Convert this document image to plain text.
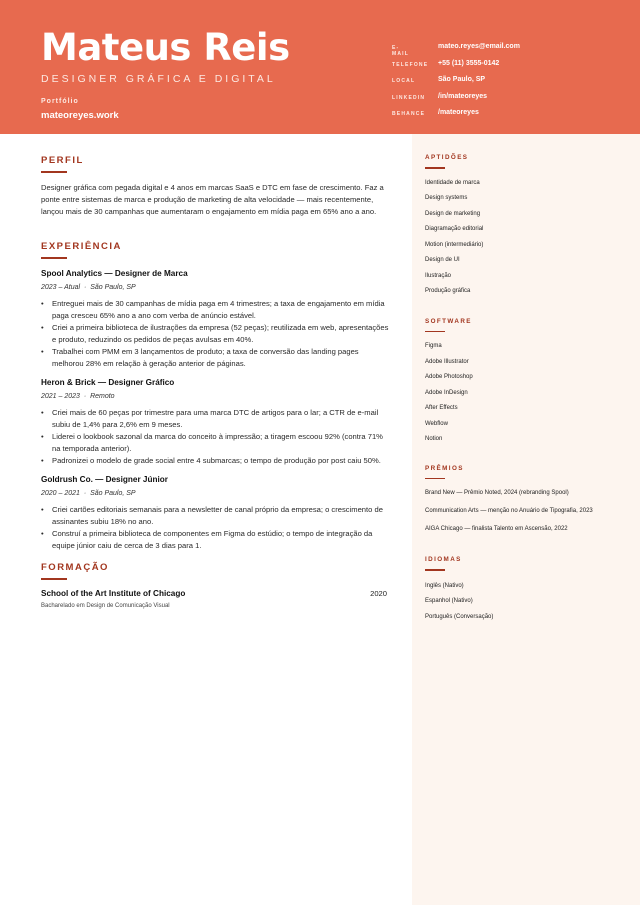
Mateus Reis
DESIGNER GRÁFICA E DIGITAL
Portfólio
mateoreyes.work
E-MAIL
mateo.reyes@email.com
TELEFONE +55 (11) 3555-0142
LOCAL	São Paulo, SP
LINKEDIN /in/mateoreyes
BEHANCE /mateoreyes
APTIDÕES
Identidade de marca
Design systems
Design de marketing
Diagramação editorial
Motion (intermediário)
Design de UI
Ilustração
Produção gráfica
SOFTWARE
Figma
Adobe Illustrator
Adobe Photoshop
Adobe InDesign
After Effects
Webflow
Notion
PRÊMIOS
Brand New — Prêmio Noted, 2024 (rebranding Spool)
Communication Arts — menção no Anuário de Tipografia, 2023
AIGA Chicago — finalista Talento em Ascensão, 2022
IDIOMAS
Inglês (Nativo)
Espanhol (Nativo)
Português (Conversação)
PERFIL
Designer gráfica com pegada digital e 4 anos em marcas SaaS e DTC em fase de crescimento. Faz a ponte entre sistemas de marca e produção de marketing de alta velocidade — mais recentemente, lançou mais de 30 campanhas que aumentaram o engajamento em mídia paga em 65% ano a ano.
EXPERIÊNCIA
Spool Analytics — Designer de Marca
2023 – Atual  ·  São Paulo, SP
• Entreguei mais de 30 campanhas de mídia paga em 4 trimestres; a taxa de engajamento em mídia paga cresceu 65% ano a ano com verba de anúncio estável.
• Criei a primeira biblioteca de ilustrações da empresa (52 peças); reutilizada em web, apresentações e produto, reduzindo os pedidos de peças avulsas em 40%.
• Trabalhei com PMM em 3 lançamentos de produto; a taxa de conversão das landing pages melhorou 28% em relação à geração anterior de páginas.
Heron & Brick — Designer Gráfico
2021 – 2023  ·  Remoto
• Criei mais de 60 peças por trimestre para uma marca DTC de artigos para o lar; a CTR de e-mail subiu de 1,4% para 2,6% em 9 meses.
• Liderei o lookbook sazonal da marca do conceito à impressão; a tiragem escoou 92% (contra 71% na temporada anterior).
• Padronizei o modelo de grade social entre 4 submarcas; o tempo de produção por post caiu 50%.
Goldrush Co. — Designer Júnior
2020 – 2021  ·  São Paulo, SP
• Criei cartões editoriais semanais para a newsletter de canal próprio da empresa; o crescimento de assinantes subiu 18% no ano.
• Construí a primeira biblioteca de componentes em Figma do estúdio; o tempo de integração da equipe júnior caiu de cerca de 3 dias para 1.
FORMAÇÃO
School of the Art Institute of Chicago	2020
Bacharelado em Design de Comunicação Visual
